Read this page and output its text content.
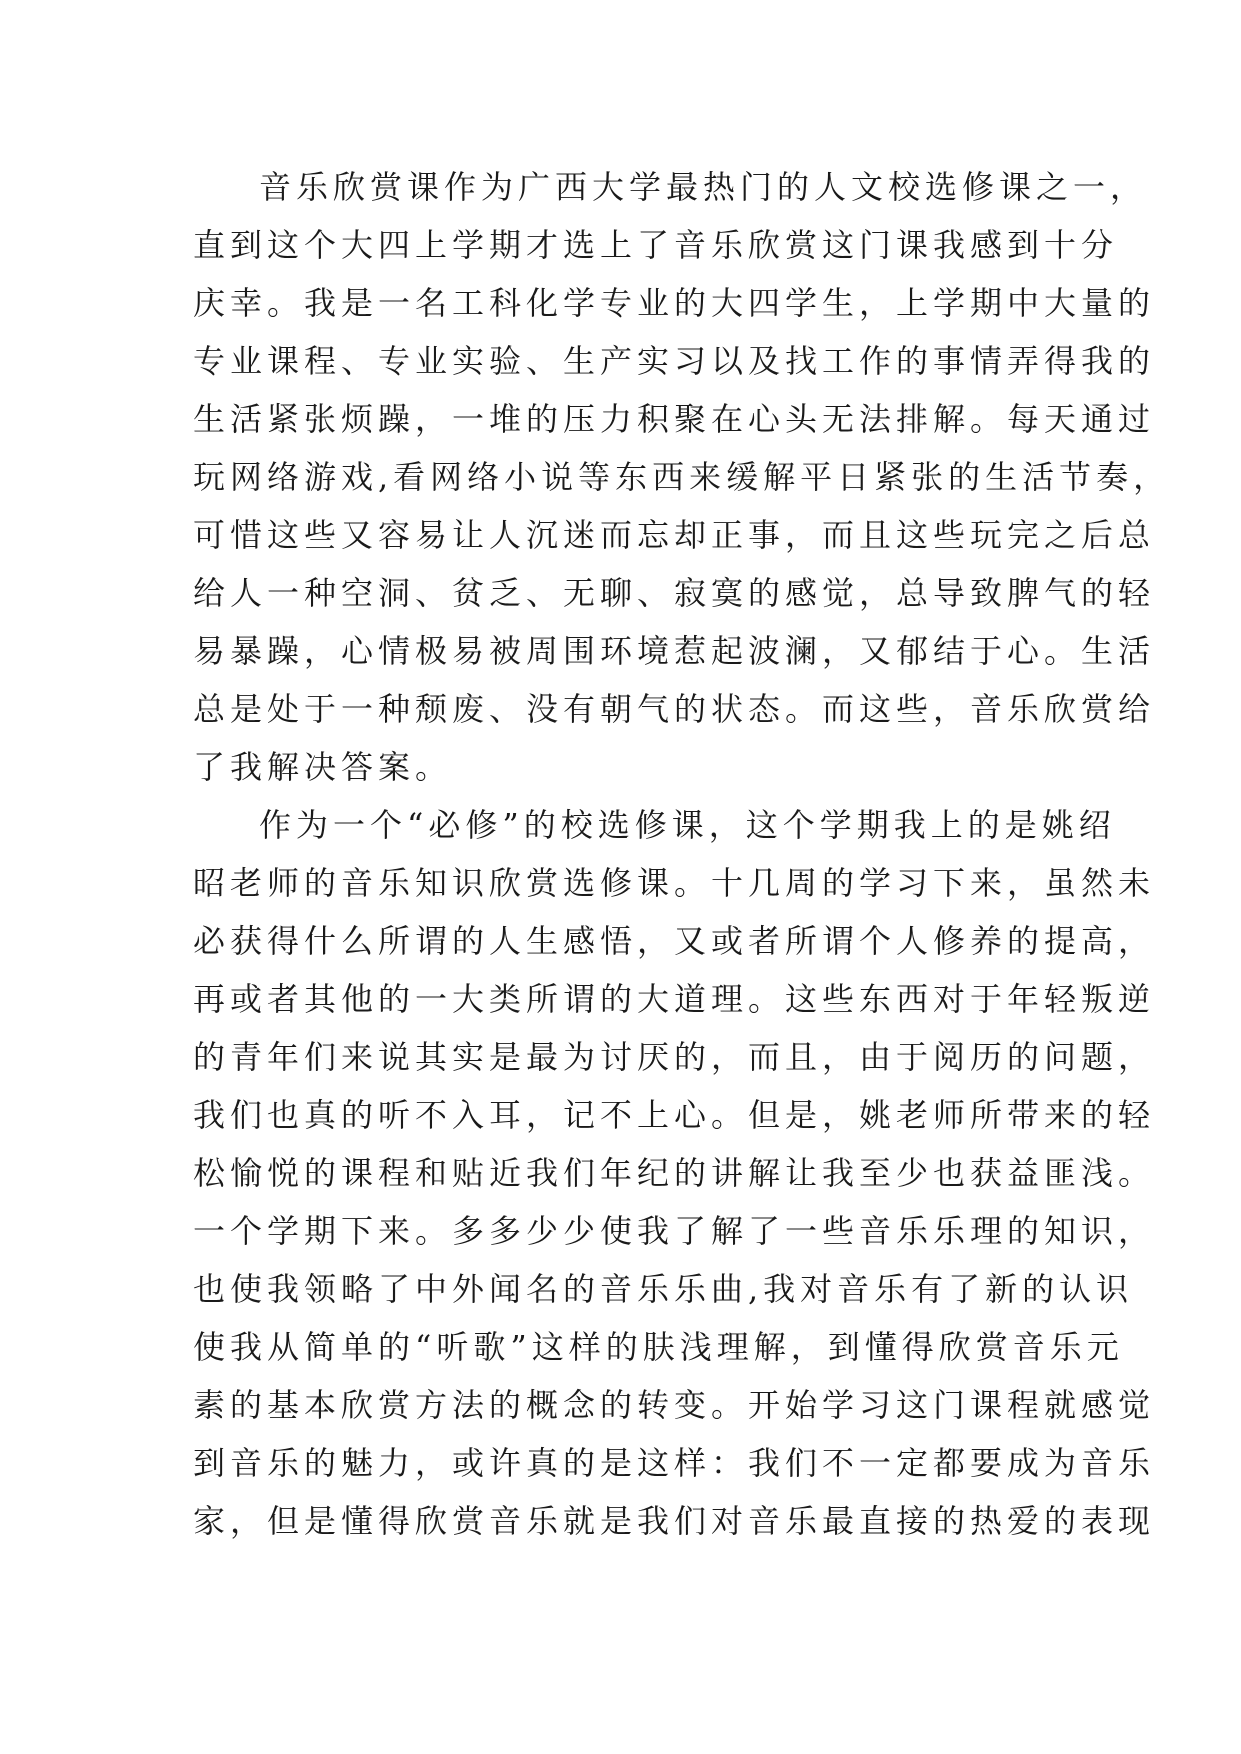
音乐欣赏课作为广西大学最热门的人文校选修课之一，
直到这个大四上学期才选上了音乐欣赏这门课我感到十分
庆幸。我是一名工科化学专业的大四学生，上学期中大量的
专业课程、专业实验、生产实习以及找工作的事情弄得我的
生活紧张烦躁，一堆的压力积聚在心头无法排解。每天通过
玩网络游戏,看网络小说等东西来缓解平日紧张的生活节奏，
可惜这些又容易让人沉迷而忘却正事，而且这些玩完之后总
给人一种空洞、贫乏、无聊、寂寞的感觉，总导致脾气的轻
易暴躁，心情极易被周围环境惹起波澜，又郁结于心。生活
总是处于一种颓废、没有朝气的状态。而这些，音乐欣赏给
了我解决答案。
作为一个“必修”的校选修课，这个学期我上的是姚绍
昭老师的音乐知识欣赏选修课。十几周的学习下来，虽然未
必获得什么所谓的人生感悟，又或者所谓个人修养的提高，
再或者其他的一大类所谓的大道理。这些东西对于年轻叛逆
的青年们来说其实是最为讨厌的，而且，由于阅历的问题，
我们也真的听不入耳，记不上心。但是，姚老师所带来的轻
松愉悦的课程和贴近我们年纪的讲解让我至少也获益匪浅。
一个学期下来。多多少少使我了解了一些音乐乐理的知识，
也使我领略了中外闻名的音乐乐曲,我对音乐有了新的认识
使我从简单的“听歌”这样的肤浅理解，到懂得欣赏音乐元
素的基本欣赏方法的概念的转变。开始学习这门课程就感觉
到音乐的魅力，或许真的是这样：我们不一定都要成为音乐
家，但是懂得欣赏音乐就是我们对音乐最直接的热爱的表现
